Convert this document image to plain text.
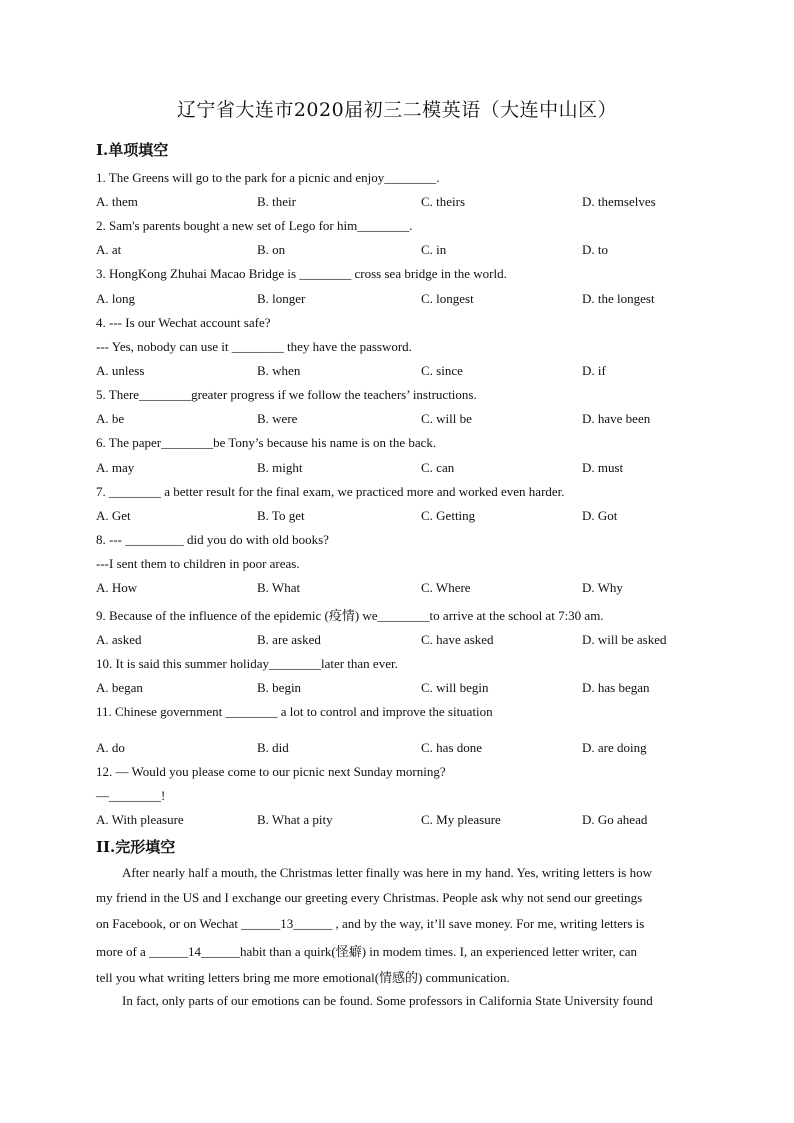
辽宁省大连市2020届初三二模英语（大连中山区）
I.单项填空
1. The Greens will go to the park for a picnic and enjoy________.
A. them	B. their	C. theirs	D. themselves
2. Sam's parents bought a new set of Lego for him________.
A. at	B. on	C. in	D. to
3. HongKong Zhuhai Macao Bridge is ________ cross sea bridge in the world.
A. long	B. longer	C. longest	D. the longest
4. --- Is our Wechat account safe?
--- Yes, nobody can use it ________ they have the password.
A. unless	B. when	C. since	D. if
5. There________greater progress if we follow the teachers’ instructions.
A. be	B. were	C. will be	D. have been
6. The paper________be Tony’s because his name is on the back.
A. may	B. might	C. can	D. must
7. ________ a better result for the final exam, we practiced more and worked even harder.
A. Get	B. To get	C. Getting	D. Got
8. --- _________ did you do with old books?
---I sent them to children in poor areas.
A. How	B. What	C. Where	D. Why
9. Because of the influence of the epidemic (疫情) we________to arrive at the school at 7:30 am.
A. asked	B. are asked	C. have asked	D. will be asked
10. It is said this summer holiday________later than ever.
A. began	B. begin	C. will begin	D. has began
11. Chinese government ________ a lot to control and improve the situation
A. do	B. did	C. has done	D. are doing
12. — Would you please come to our picnic next Sunday morning?
—________!
A. With pleasure	B. What a pity	C. My pleasure	D. Go ahead
II.完形填空
After nearly half a mouth, the Christmas letter finally was here in my hand. Yes, writing letters is how
my friend in the US and I exchange our greeting every Christmas. People ask why not send our greetings
on Facebook, or on Wechat ______13______ , and by the way, it’ll save money. For me, writing letters is
more of a ______14______habit than a quirk(怪癖) in modem times. I, an experienced letter writer, can
tell you what writing letters bring me more emotional(情感的) communication.
In fact, only parts of our emotions can be found. Some professors in California State University found
